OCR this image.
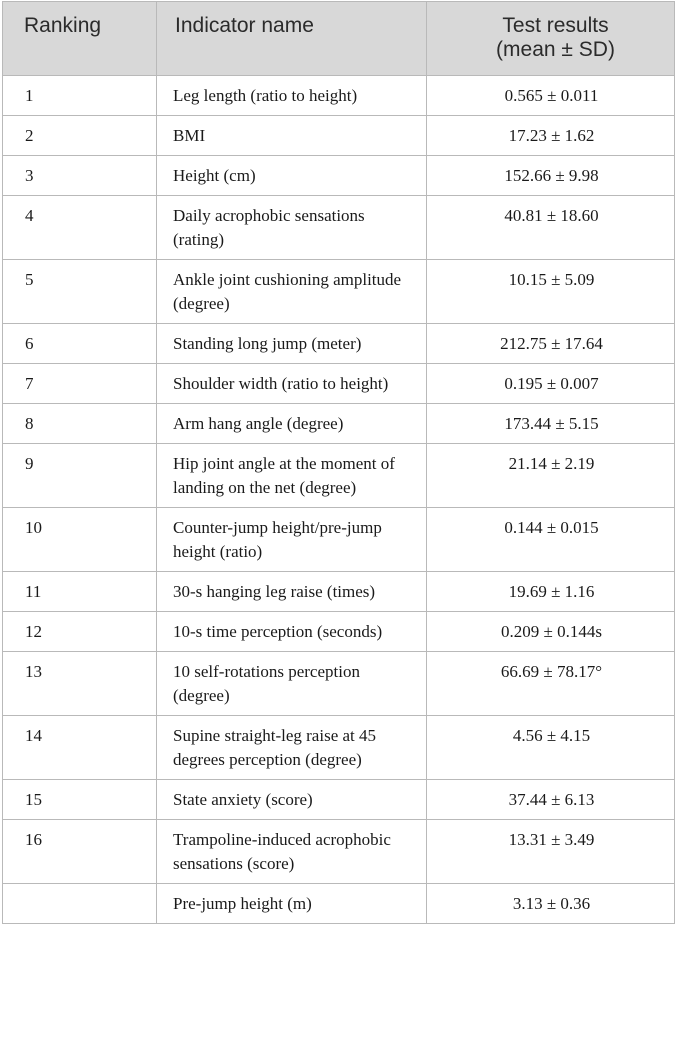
Ranking	Indicator name	Test results
(mean ± SD)

1	Leg length (ratio to height)	0.565 ± 0.011
2	BMI	17.23 ± 1.62
3	Height (cm)	152.66 ± 9.98
4	Daily acrophobic sensations (rating)	40.81 ± 18.60
5	Ankle joint cushioning amplitude (degree)	10.15 ± 5.09
6	Standing long jump (meter)	212.75 ± 17.64
7	Shoulder width (ratio to height)	0.195 ± 0.007
8	Arm hang angle (degree)	173.44 ± 5.15
9	Hip joint angle at the moment of landing on the net (degree)	21.14 ± 2.19
10	Counter-jump height/pre-jump height (ratio)	0.144 ± 0.015
11	30-s hanging leg raise (times)	19.69 ± 1.16
12	10-s time perception (seconds)	0.209 ± 0.144s
13	10 self-rotations perception (degree)	66.69 ± 78.17°
14	Supine straight-leg raise at 45 degrees perception (degree)	4.56 ± 4.15
15	State anxiety (score)	37.44 ± 6.13
16	Trampoline-induced acrophobic sensations (score)	13.31 ± 3.49
	Pre-jump height (m)	3.13 ± 0.36
